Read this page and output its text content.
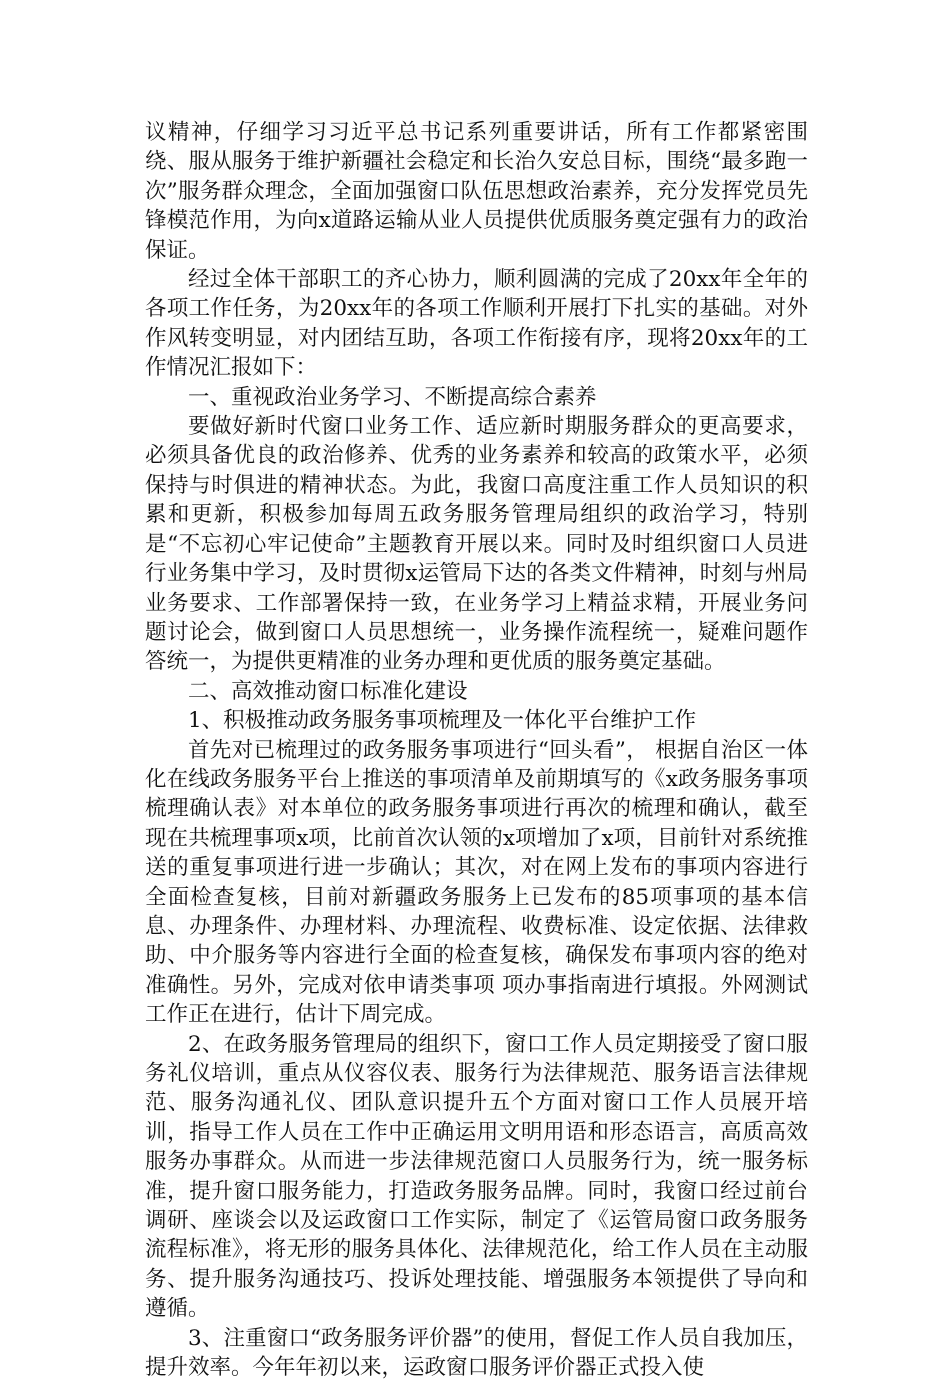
议精神，仔细学习习近平总书记系列重要讲话，所有工作都紧密围绕、服从服务于维护新疆社会稳定和长治久安总目标，围绕“最多跑一次”服务群众理念，全面加强窗口队伍思想政治素养，充分发挥党员先锋模范作用，为向x道路运输从业人员提供优质服务奠定强有力的政治保证。

经过全体干部职工的齐心协力，顺利圆满的完成了20xx年全年的各项工作任务，为20xx年的各项工作顺利开展打下扎实的基础。对外作风转变明显，对内团结互助，各项工作衔接有序，现将20xx年的工作情况汇报如下：

一、重视政治业务学习、不断提高综合素养

要做好新时代窗口业务工作、适应新时期服务群众的更高要求，必须具备优良的政治修养、优秀的业务素养和较高的政策水平，必须保持与时俱进的精神状态。为此，我窗口高度注重工作人员知识的积累和更新，积极参加每周五政务服务管理局组织的政治学习，特别是“不忘初心牢记使命”主题教育开展以来。同时及时组织窗口人员进行业务集中学习，及时贯彻x运管局下达的各类文件精神，时刻与州局业务要求、工作部署保持一致，在业务学习上精益求精，开展业务问题讨论会，做到窗口人员思想统一，业务操作流程统一，疑难问题作答统一，为提供更精准的业务办理和更优质的服务奠定基础。

二、高效推动窗口标准化建设

1、积极推动政务服务事项梳理及一体化平台维护工作

首先对已梳理过的政务服务事项进行“回头看”， 根据自治区一体化在线政务服务平台上推送的事项清单及前期填写的《x政务服务事项梳理确认表》对本单位的政务服务事项进行再次的梳理和确认，截至现在共梳理事项x项，比前首次认领的x项增加了x项，目前针对系统推送的重复事项进行进一步确认；其次，对在网上发布的事项内容进行全面检查复核，目前对新疆政务服务上已发布的85项事项的基本信息、办理条件、办理材料、办理流程、收费标准、设定依据、法律救助、中介服务等内容进行全面的检查复核，确保发布事项内容的绝对准确性。另外，完成对依申请类事项 项办事指南进行填报。外网测试工作正在进行，估计下周完成。

2、在政务服务管理局的组织下，窗口工作人员定期接受了窗口服务礼仪培训，重点从仪容仪表、服务行为法律规范、服务语言法律规范、服务沟通礼仪、团队意识提升五个方面对窗口工作人员展开培训，指导工作人员在工作中正确运用文明用语和形态语言，高质高效服务办事群众。从而进一步法律规范窗口人员服务行为，统一服务标准，提升窗口服务能力，打造政务服务品牌。同时，我窗口经过前台调研、座谈会以及运政窗口工作实际，制定了《运管局窗口政务服务流程标准》，将无形的服务具体化、法律规范化，给工作人员在主动服务、提升服务沟通技巧、投诉处理技能、增强服务本领提供了导向和遵循。

3、注重窗口“政务服务评价器”的使用，督促工作人员自我加压，提升效率。今年年初以来，运政窗口服务评价器正式投入使
